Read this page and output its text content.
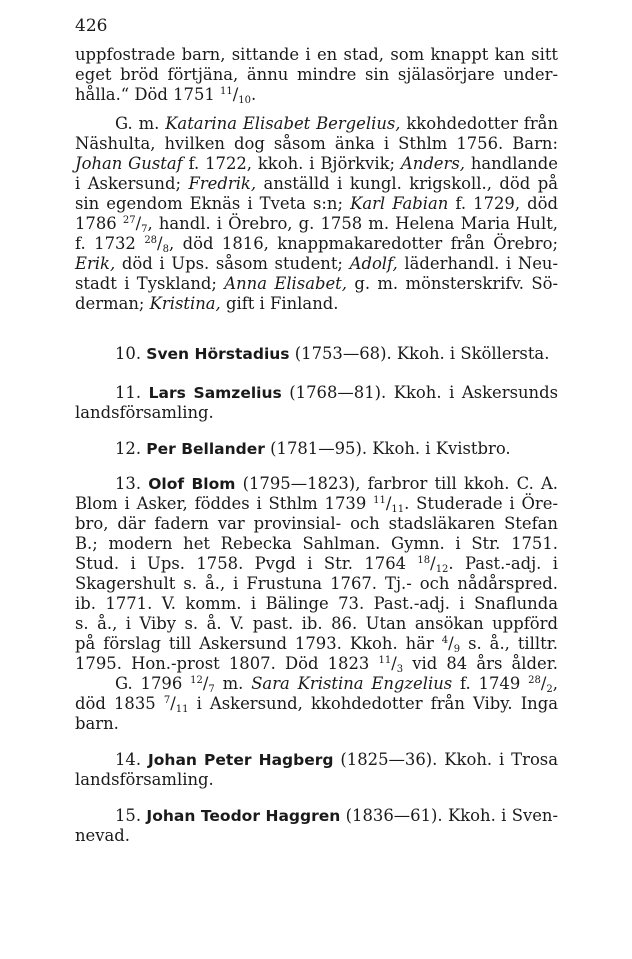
426
uppfostrade barn, sittande i en stad, som knappt kan sitt
eget bröd förtjäna, ännu mindre sin själasörjare under-
hålla.“ Död 1751 $^{11}/_{10}$.
G. m. Katarina Elisabet Bergelius, kkohdedotter från
Näshulta, hvilken dog såsom änka i Sthlm 1756. Barn:
Johan Gustaf f. 1722, kkoh. i Björkvik; Anders, handlande
i Askersund; Fredrik, anställd i kungl. krigskoll., död på
sin egendom Eknäs i Tveta s:n; Karl Fabian f. 1729, död
1786 $^{27}/_7$, handl. i Örebro, g. 1758 m. Helena Maria Hult,
f. 1732 $^{28}/_8$, död 1816, knappmakaredotter från Örebro;
Erik, död i Ups. såsom student; Adolf, läderhandl. i Neu-
stadt i Tyskland; Anna Elisabet, g. m. mönsterskrifv. Sö-
derman; Kristina, gift i Finland.
10. Sven Hörstadius (1753—68). Kkoh. i Sköllersta.
11. Lars Samzelius (1768—81). Kkoh. i Askersunds
landsförsamling.
12. Per Bellander (1781—95). Kkoh. i Kvistbro.
13. Olof Blom (1795—1823), farbror till kkoh. C. A.
Blom i Asker, föddes i Sthlm 1739 $^{11}/_{11}$. Studerade i Öre-
bro, där fadern var provinsial- och stadsläkaren Stefan
B.; modern het Rebecka Sahlman. Gymn. i Str. 1751.
Stud. i Ups. 1758. Pvgd i Str. 1764 $^{18}/_{12}$. Past.-adj. i
Skagershult s. å., i Frustuna 1767. Tj.- och nådårspred.
ib. 1771. V. komm. i Bälinge 73. Past.-adj. i Snaflunda
s. å., i Viby s. å. V. past. ib. 86. Utan ansökan uppförd
på förslag till Askersund 1793. Kkoh. här $^4/_9$ s. å., tilltr.
1795. Hon.-prost 1807. Död 1823 $^{11}/_3$ vid 84 års ålder.
G. 1796 $^{12}/_7$ m. Sara Kristina Engzelius f. 1749 $^{28}/_2$,
död 1835 $^7/_{11}$ i Askersund, kkohdedotter från Viby. Inga
barn.
14. Johan Peter Hagberg (1825—36). Kkoh. i Trosa
landsförsamling.
15. Johan Teodor Haggren (1836—61). Kkoh. i Sven-
nevad.
